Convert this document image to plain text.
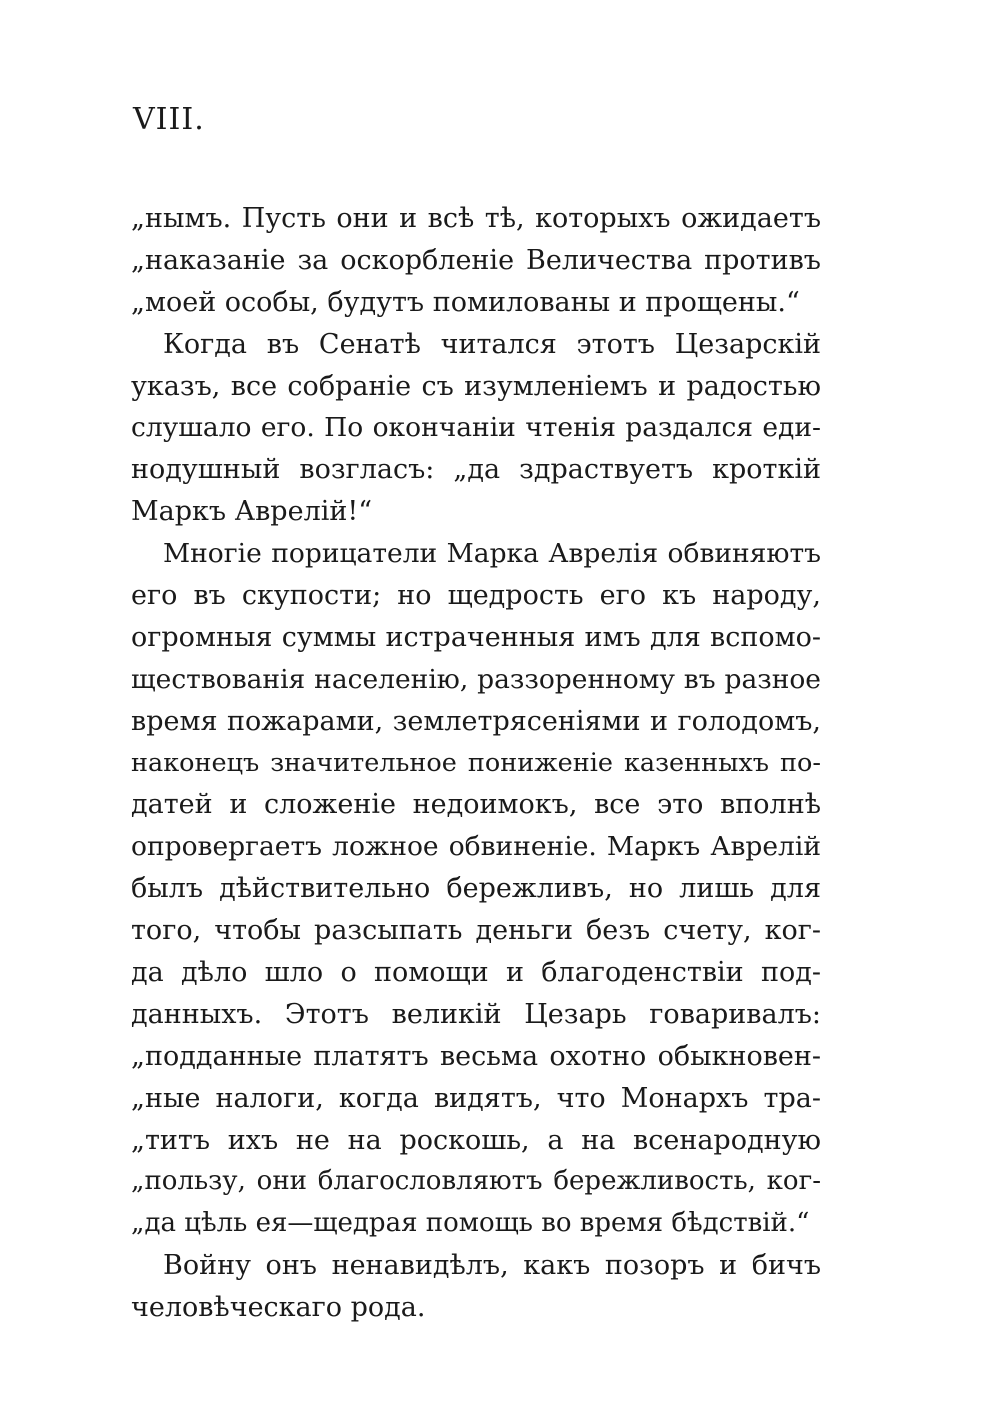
VIII.
„нымъ. Пусть они и всѣ тѣ, которыхъ ожидаетъ
„наказаніе за оскорбленіе Величества противъ
„моей особы, будутъ помилованы и прощены.“
Когда въ Сенатѣ читался этотъ Цезарскій
указъ, все собраніе съ изумленіемъ и радостью
слушало его. По окончаніи чтенія раздался еди-
нодушный возгласъ: „да здраствуетъ кроткій
Маркъ Аврелій!“
Многіе порицатели Марка Аврелія обвиняютъ
его въ скупости; но щедрость его къ народу,
огромныя суммы истраченныя имъ для вспомо-
ществованія населенію, раззоренному въ разное
время пожарами, землетрясеніями и голодомъ,
наконецъ значительное пониженіе казенныхъ по-
датей и сложеніе недоимокъ, все это вполнѣ
опровергаетъ ложное обвиненіе. Маркъ Аврелій
былъ дѣйствительно бережливъ, но лишь для
того, чтобы разсыпать деньги безъ счету, ког-
да дѣло шло о помощи и благоденствіи под-
данныхъ. Этотъ великій Цезарь говаривалъ:
„подданные платятъ весьма охотно обыкновен-
„ные налоги, когда видятъ, что Монархъ тра-
„титъ ихъ не на роскошь, а на всенародную
„пользу, они благословляютъ бережливость, ког-
„да цѣль ея—щедрая помощь во время бѣдствій.“
Войну онъ ненавидѣлъ, какъ позоръ и бичъ
человѣческаго рода.
